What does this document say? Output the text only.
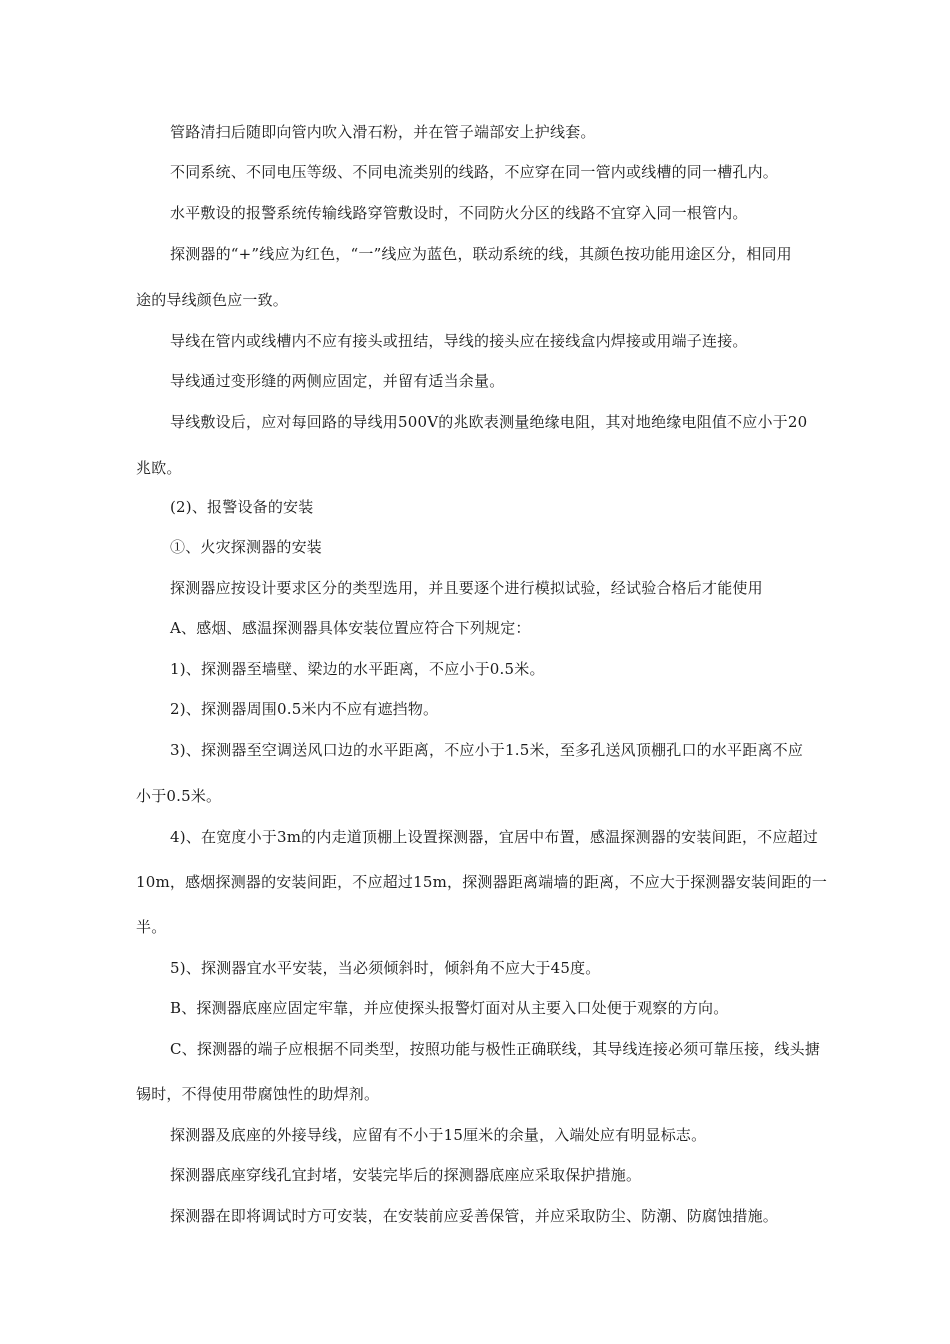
管路清扫后随即向管内吹入滑石粉，并在管子端部安上护线套。
不同系统、不同电压等级、不同电流类别的线路，不应穿在同一管内或线槽的同一槽孔内。
水平敷设的报警系统传输线路穿管敷设时，不同防火分区的线路不宜穿入同一根管内。
探测器的“+”线应为红色，“一”线应为蓝色，联动系统的线，其颜色按功能用途区分，相同用
途的导线颜色应一致。
导线在管内或线槽内不应有接头或扭结，导线的接头应在接线盒内焊接或用端子连接。
导线通过变形缝的两侧应固定，并留有适当余量。
导线敷设后，应对每回路的导线用500V的兆欧表测量绝缘电阻，其对地绝缘电阻值不应小于20
兆欧。
(2)、报警设备的安装
①、火灾探测器的安装
探测器应按设计要求区分的类型选用，并且要逐个进行模拟试验，经试验合格后才能使用
A、感烟、感温探测器具体安装位置应符合下列规定：
1)、探测器至墙壁、梁边的水平距离，不应小于0.5米。
2)、探测器周围0.5米内不应有遮挡物。
3)、探测器至空调送风口边的水平距离，不应小于1.5米，至多孔送风顶棚孔口的水平距离不应
小于0.5米。
4)、在宽度小于3m的内走道顶棚上设置探测器，宜居中布置，感温探测器的安装间距，不应超过
10m，感烟探测器的安装间距，不应超过15m，探测器距离端墙的距离，不应大于探测器安装间距的一
半。
5)、探测器宜水平安装，当必须倾斜时，倾斜角不应大于45度。
B、探测器底座应固定牢靠，并应使探头报警灯面对从主要入口处便于观察的方向。
C、探测器的端子应根据不同类型，按照功能与极性正确联线，其导线连接必须可靠压接，线头搪
锡时，不得使用带腐蚀性的助焊剂。
探测器及底座的外接导线，应留有不小于15厘米的余量，入端处应有明显标志。
探测器底座穿线孔宜封堵，安装完毕后的探测器底座应采取保护措施。
探测器在即将调试时方可安装，在安装前应妥善保管，并应采取防尘、防潮、防腐蚀措施。
